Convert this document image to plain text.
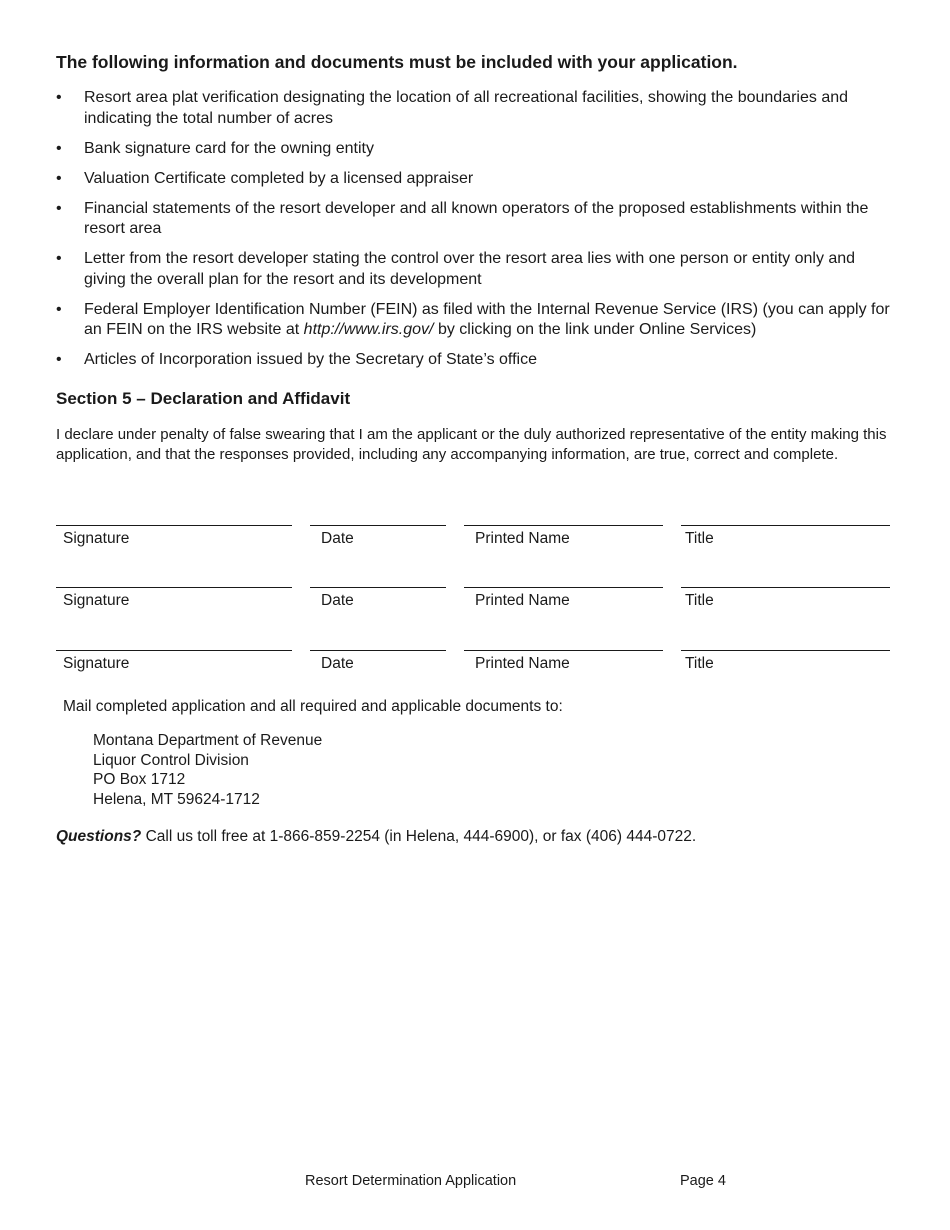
The following information and documents must be included with your application.
• Resort area plat verification designating the location of all recreational facilities, showing the boundaries and indicating the total number of acres
• Bank signature card for the owning entity
• Valuation Certificate completed by a licensed appraiser
• Financial statements of the resort developer and all known operators of the proposed establishments within the resort area
• Letter from the resort developer stating the control over the resort area lies with one person or entity only and giving the overall plan for the resort and its development
• Federal Employer Identification Number (FEIN) as filed with the Internal Revenue Service (IRS) (you can apply for an FEIN on the IRS website at http://www.irs.gov/ by clicking on the link under Online Services)
• Articles of Incorporation issued by the Secretary of State’s office
Section 5 – Declaration and Affidavit
I declare under penalty of false swearing that I am the applicant or the duly authorized representative of the entity making this application, and that the responses provided, including any accompanying information, are true, correct and complete.
Signature	Date	Printed Name	Title
Signature	Date	Printed Name	Title
Signature	Date	Printed Name	Title
Mail completed application and all required and applicable documents to:
Montana Department of Revenue
Liquor Control Division
PO Box 1712
Helena, MT 59624-1712
Questions? Call us toll free at 1-866-859-2254 (in Helena, 444-6900), or fax (406) 444-0722.
Resort Determination Application	Page 4
